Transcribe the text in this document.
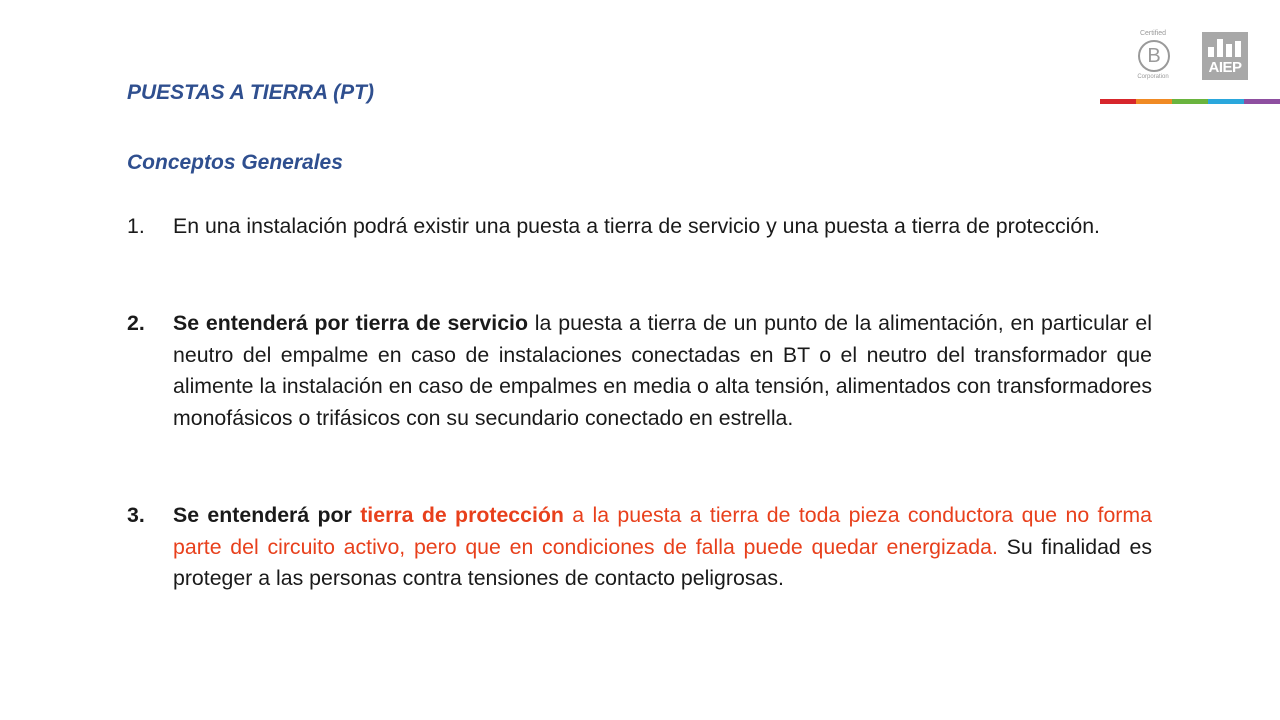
PUESTAS A TIERRA (PT)
Conceptos Generales
1.	En una instalación podrá existir una puesta a tierra de servicio y una puesta a tierra de protección.
2.	Se entenderá por tierra de servicio la puesta a tierra de un punto de la alimentación, en particular el neutro del empalme en caso de instalaciones conectadas en BT o el neutro del transformador que alimente la instalación en caso de empalmes en media o alta tensión, alimentados con transformadores monofásicos o trifásicos con su secundario conectado en estrella.
3.	Se entenderá por tierra de protección a la puesta a tierra de toda pieza conductora que no forma parte del circuito activo, pero que en condiciones de falla puede quedar energizada. Su finalidad es proteger a las personas contra tensiones de contacto peligrosas.
Certified
B
Corporation
AIEP
